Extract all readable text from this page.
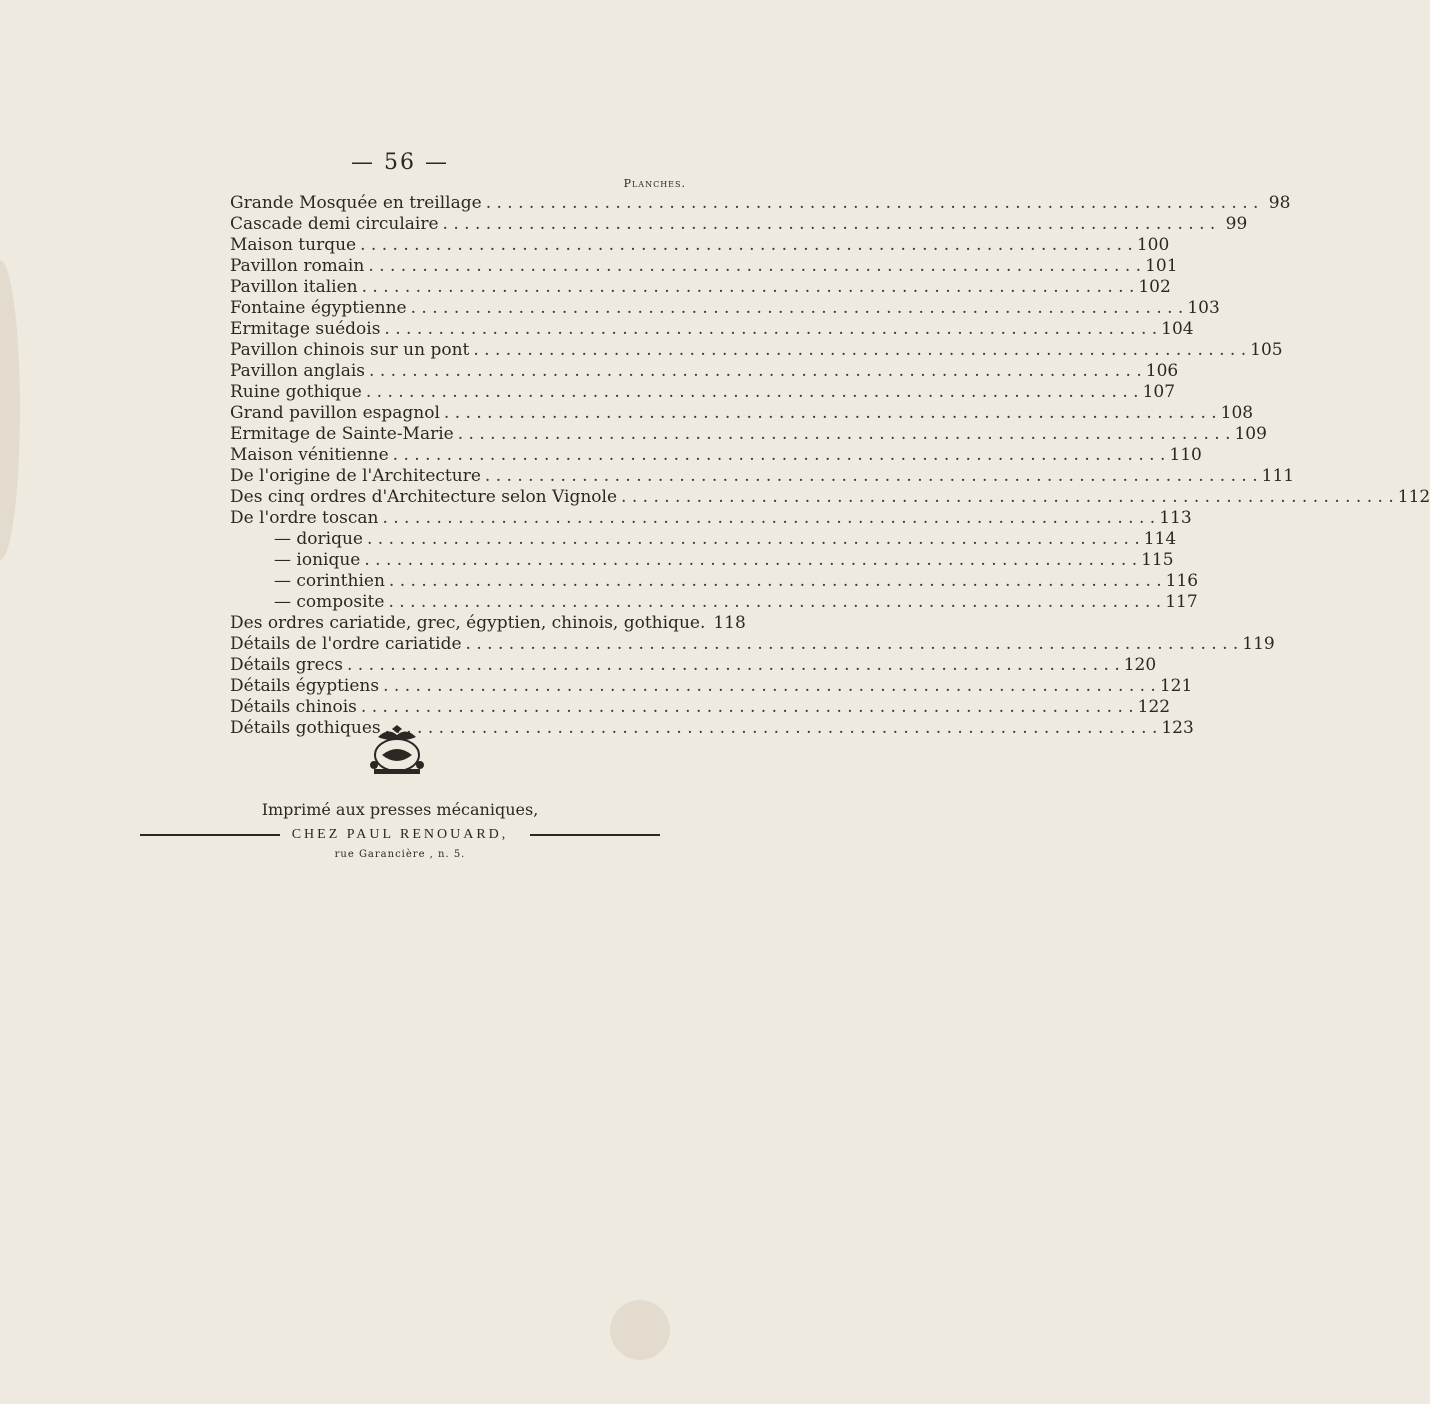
— 56 —
Planches.
Grande Mosquée en treillage . . .	98
Cascade demi circulaire . . .	99
Maison turque . . .	100
Pavillon romain . . .	101
Pavillon italien . . .	102
Fontaine égyptienne . . .	103
Ermitage suédois . . .	104
Pavillon chinois sur un pont . . .	105
Pavillon anglais . . .	106
Ruine gothique . . .	107
Grand pavillon espagnol . . .	108
Ermitage de Sainte-Marie . . .	109
Maison vénitienne . . .	110
De l'origine de l'Architecture . . .	111
Des cinq ordres d'Architecture selon Vignole . . .	112
De l'ordre toscan . . .	113
— dorique . . .	114
— ionique . . .	115
— corinthien . . .	116
— composite . . .	117
Des ordres cariatide, grec, égyptien, chinois, gothique. 118
Détails de l'ordre cariatide . . .	119
Détails grecs . . .	120
Détails égyptiens . . .	121
Détails chinois . . .	122
Détails gothiques . . .	123
Imprimé aux presses mécaniques,
CHEZ PAUL RENOUARD,
rue Garancière , n. 5.
